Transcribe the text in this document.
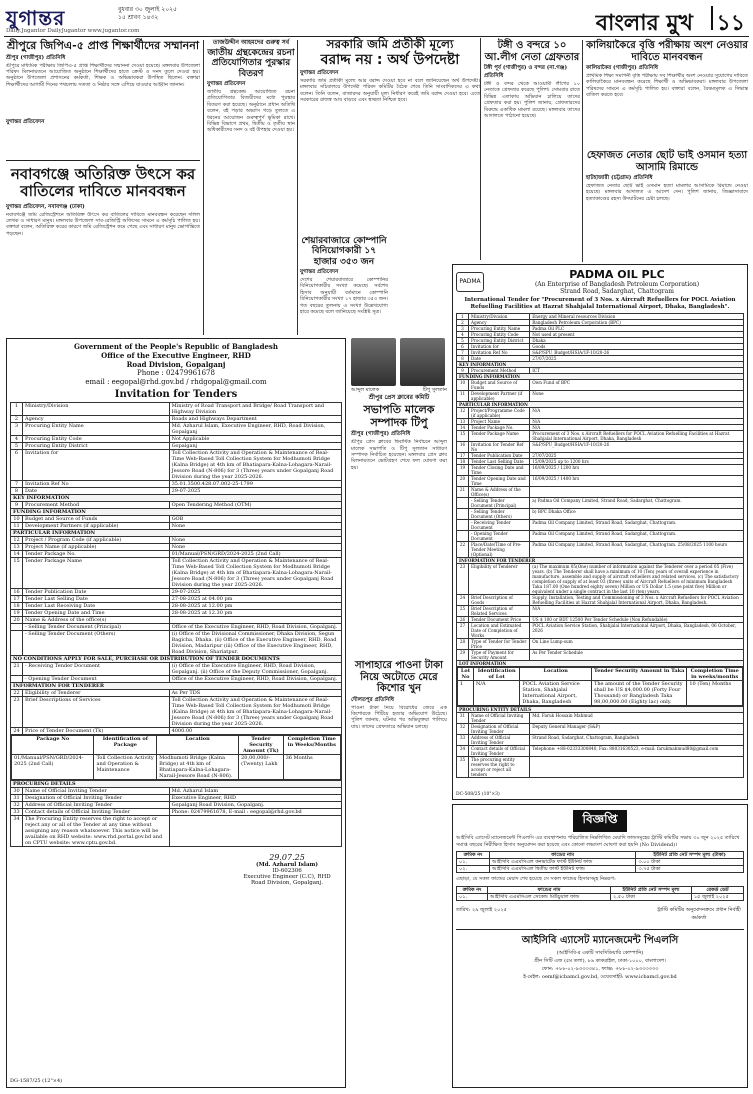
যুগান্তর	বুধবার ৩০ জুলাই ২০২৫
১৫ শ্রাবণ ১৪৩২
Daily.Jugantor DailyJugantor www.jugantor.com	বাংলার মুখ ১১
শ্রীপুরে জিপিএ-৫ প্রাপ্ত শিক্ষার্থীদের সম্মাননা
শ্রীপুর (গাজীপুর) প্রতিনিধি
শ্রীপুরে মাধ্যমিক পরীক্ষায় জিপিএ-৫ প্রাপ্ত শিক্ষার্থীদের সম্মাননা দেওয়া হয়েছে। মঙ্গলবার উপজেলা পরিষদ মিলনায়তনে আয়োজিত অনুষ্ঠানে শিক্ষার্থীদের হাতে ক্রেস্ট ও সনদ তুলে দেওয়া হয়। অনুষ্ঠানে উপজেলা প্রশাসনের কর্মকর্তা, শিক্ষক ও অভিভাবকরা উপস্থিত ছিলেন। বক্তারা শিক্ষার্থীদের আগামী দিনের পথচলায় সততা ও নিষ্ঠার সঙ্গে এগিয়ে যাওয়ার আহ্বান জানান।
যুগান্তর প্রতিবেদন
নবাবগঞ্জে অতিরিক্ত উৎসে কর বাতিলের দাবিতে মানববন্ধন
যুগান্তর প্রতিবেদন, নবাবগঞ্জ (ঢাকা)
নবাবগঞ্জে জমি রেজিস্ট্রেশনে অতিরিক্ত উৎসে কর বাতিলের দাবিতে মানববন্ধন করেছেন দলিল লেখক ও সাধারণ মানুষ। মঙ্গলবার উপজেলা সাব-রেজিস্ট্রি অফিসের সামনে এ কর্মসূচি পালিত হয়। বক্তারা বলেন, অতিরিক্ত করের কারণে জমি রেজিস্ট্রেশন কমে গেছে এবং সাধারণ মানুষ ভোগান্তিতে পড়ছেন।
তাজউদ্দীন আহমদের গুরুত্ব সর্ব
জাতীয় গ্রন্থকেন্দ্রের রচনা প্রতিযোগিতার পুরস্কার বিতরণ
যুগান্তর প্রতিবেদন
জাতীয় গ্রন্থকেন্দ্র আয়োজিত রচনা প্রতিযোগিতার বিজয়ীদের মধ্যে পুরস্কার বিতরণ করা হয়েছে। অনুষ্ঠানে প্রধান অতিথি বলেন, বই পড়ার অভ্যাস গড়ে তুলতে এ ধরনের আয়োজন গুরুত্বপূর্ণ ভূমিকা রাখে। বিভিন্ন বিভাগে প্রথম, দ্বিতীয় ও তৃতীয় স্থান অধিকারীদের সনদ ও বই উপহার দেওয়া হয়।
সরকারি জমি প্রতীকী মূল্যে
বরাদ্দ নয় : অর্থ উপদেষ্টা
যুগান্তর প্রতিবেদন
সরকারি জমি প্রতীকী মূল্যে আর বরাদ্দ দেওয়া হবে না বলে জানিয়েছেন অর্থ উপদেষ্টা। মঙ্গলবার সচিবালয়ে উপদেষ্টা পরিষদ কমিটির বৈঠক শেষে তিনি সাংবাদিকদের এ কথা বলেন। তিনি বলেন, বাজারদর অনুযায়ী মূল্য নির্ধারণ করেই জমি বরাদ্দ দেওয়া হবে। এতে সরকারের রাজস্ব আয় বাড়বে এবং স্বচ্ছতা নিশ্চিত হবে।
শেয়ারবাজারে কোম্পানি বিনিয়োগকারী ১৭ হাজার ৩৫৩ জন
যুগান্তর প্রতিবেদন
দেশের শেয়ারবাজারে কোম্পানির বিনিয়োগকারীর সংখ্যা কমেছে। সর্বশেষ হিসাব অনুযায়ী বর্তমানে কোম্পানি বিনিয়োগকারীর সংখ্যা ১৭ হাজার ৩৫৩ জন। গত বছরের তুলনায় এ সংখ্যা উল্লেখযোগ্য হারে কমেছে বলে জানিয়েছে সংশ্লিষ্ট সূত্র।
টঙ্গী ও বন্দরে ১০ আ.লীগ নেতা গ্রেফতার
টঙ্গী পূর্ব (গাজীপুর) ও বন্দর (না.গঞ্জ) প্রতিনিধি
টঙ্গী ও বন্দর থেকে আওয়ামী লীগের ১০ নেতাকে গ্রেফতার করেছে পুলিশ। সোমবার রাতে বিভিন্ন এলাকায় অভিযান চালিয়ে তাদের গ্রেফতার করা হয়। পুলিশ জানায়, গ্রেফতারদের বিরুদ্ধে একাধিক মামলা রয়েছে। মঙ্গলবার তাদের আদালতে পাঠানো হয়েছে।
কালিয়াকৈরে বৃত্তি পরীক্ষায় অংশ নেওয়ার দাবিতে মানববন্ধন
কালিয়াকৈর (গাজীপুর) প্রতিনিধি
প্রাথমিক শিক্ষা সমাপনী বৃত্তি পরীক্ষায় সব শিক্ষার্থীর অংশ নেওয়ার সুযোগের দাবিতে কালিয়াকৈরে মানববন্ধন করেছে শিক্ষার্থী ও অভিভাবকরা। মঙ্গলবার উপজেলা পরিষদের সামনে এ কর্মসূচি পালিত হয়। বক্তারা বলেন, বৈষম্যমূলক এ সিদ্ধান্ত বাতিল করতে হবে।
হেফাজত নেতার ছোট ভাই ওসমান হত্যা আসামি রিমান্ডে
হাটহাজারী (চট্টগ্রাম) প্রতিনিধি
হেফাজত নেতার ছোট ভাই ওসমান হত্যা মামলার আসামিকে রিমান্ডে নেওয়া হয়েছে। মঙ্গলবার আদালত এ আদেশ দেন। পুলিশ জানায়, জিজ্ঞাসাবাদে হত্যাকাণ্ডের রহস্য উদঘাটনের চেষ্টা চলছে।
Government of the People's Republic of Bangladesh
Office of the Executive Engineer, RHD
Road Division, Gopalganj
Phone : 02479961678
email : eegopal@rhd.gov.bd / rhdgopal@gmail.com
Invitation for Tenders
1	Ministry/Division	Ministry of Road Transport and Bridge/ Road Transport and Highway Division
2	Agency	Roads and Highways Department
3	Procuring Entity Name	Md. Azharul Islam, Executive Engineer, RHD, Road Division, Gopalganj
4	Procuring Entity Code	Not Applicable
5	Procuring Entity District	Gopalganj
6	Invitation for	Toll Collection Activity and Operation & Maintenance of Real-Time Web-Based Toll Collection System for Modhumoti Bridge (Kalna Bridge) at 4th km of Bhatiapara-Kalna-Lohagara-Narail-Jessore Road (N-806) for 3 (Three) years under Gopalganj Road Division during the year 2025-2026.
7	Invitation Ref No	35.01.3500.428.07.002-25-1799
8	Date	29-07-2025
KEY INFORMATION
9	Procurement Method	Open Tendering Method (OTM)
FUNDING INFORMATION
10	Budget and Source of Funds	GOB
11	Development Partners (if applicable)	None
PARTICULAR INFORMATION
12	Project / Program Code (if applicable)	None
13	Project Name (if applicable)	None
14	Tender Package No.	01/Manual/PSN/GRD/2024-2025 (2nd Call)
15	Tender Package Name	Toll Collection Activity and Operation & Maintenance of Real-Time Web-Based Toll Collection System for Modhumoti Bridge (Kalna Bridge) at 4th km of Bhatiapara-Kalna-Lohagara-Narail-Jessore Road (N-806) for 3 (Three) years under Gopalganj Road Division during the year 2025-2026.
16	Tender Publication Date	29-07-2025
17	Tender Last Selling Date	27-08-2025 at 04.00 pm
18	Tender Last Receiving Date	28-08-2025 at 12.00 pm
19	Tender Opening Date and Time	28-08-2025 at 12.30 pm
20	Name & Address of the office(s)	
	- Selling Tender Document (Principal)	Office of the Executive Engineer, RHD, Road Division, Gopalganj.
	- Selling Tender Document (Others)	(i) Office of the Divisional Commissioner, Dhaka Division, Segun Bagicha, Dhaka. (ii) Office of the Executive Engineer, RHD, Road Division, Madaripur (iii) Office of the Executive Engineer, RHD, Road Division, Shariatpur.
NO CONDITIONS APPLY FOR SALE, PURCHASE OR DISTRIBUTION OF TENDER DOCUMENTS
21	- Receiving Tender Document	(i) Office of the Executive Engineer, RHD, Road Division, Gopalganj. (ii) Office of the Deputy Commissioner, Gopalganj.
	- Opening Tender Document	Office of the Executive Engineer, RHD, Road Division, Gopalganj.
INFORMATION FOR TENDERER
22	Eligibility of Tenderer	As Per TDS
23	Brief Descriptions of Services	Toll Collection Activity and Operation & Maintenance of Real-Time Web-Based Toll Collection System for Modhumoti Bridge (Kalna Bridge) at 4th km of Bhatiapara-Kalna-Lohagara-Narail-Jessore Road (N-806) for 3 (Three) years under Gopalganj Road Division during the year 2025-2026.
24	Price of Tender Document (Tk)	4000.00

Package No	Identification of Package	Location	Tender Security Amount (Tk)	Completion Time in Weeks/Months
01/Manual/PSN/GRD/2024-2025 (2nd Call)	Toll Collection Activity and Operation & Maintenance	Modhumoti Bridge (Kalna Bridge) at 4th km of Bhatiapara-Kalna-Lohagara-Narail-Jessore Road (N-806).	20,00,000/- (Twenty) Lakh	36 Months

PROCURING DETAILS
30	Name of Official Inviting Tender	Md. Azharul Islam
31	Designation of Official Inviting Tender	Executive Engineer, RHD
32	Address of Official Inviting Tender	Gopalganj Road Division, Gopalganj.
33	Contact details of Official Inviting Tender	Phone: 02479961678, E-mail : eegopal@rhd.gov.bd
34	The Procuring Entity reserves the right to accept or reject any or all of the Tender at any time without assigning any reason whatsoever. This notice will be available on RHD website: www.rhd.portal.gov.bd and on CPTU website: www.cptu.gov.bd.	
29.07.25
(Md. Azharul Islam)
ID-602306
Executive Engineer (C.C), RHD
Road Division, Gopalganj.
DG-1587/25 (12"×4)
আব্দুল মালেক	টিপু সুলতান
শ্রীপুর প্রেস ক্লাবের কমিটি
সভাপতি মালেক সম্পাদক টিপু
শ্রীপুর (গাজীপুর) প্রতিনিধি
শ্রীপুর প্রেস ক্লাবের দ্বিবার্ষিক নির্বাচনে আব্দুল মালেক সভাপতি ও টিপু সুলতান সাধারণ সম্পাদক নির্বাচিত হয়েছেন। মঙ্গলবার প্রেস ক্লাব মিলনায়তনে ভোটগ্রহণ শেষে ফল ঘোষণা করা হয়।
সাপাহারে পাওনা টাকা নিয়ে অটোতে মেরে কিশোর খুন
দৌলতপুর প্রতিনিধি
পাওনা টাকা নিয়ে বিরোধের জেরে এক কিশোরকে পিটিয়ে হত্যার অভিযোগ উঠেছে। পুলিশ জানায়, ঘটনার পর অভিযুক্তরা পালিয়ে যায়। তাদের গ্রেফতারে অভিযান চলছে।
PADMA	PADMA OIL PLC
(An Enterprise of Bangladesh Petroleum Corporation)
Strand Road, Sadarghat, Chattogram
International Tender for "Procurement of 3 Nos. x Aircraft Refuellers for POCL Aviation Refuelling Facilities at Hazrat Shahjalal International Airport, Dhaka, Bangladesh".
1	Ministry/Division	Energy and Mineral resources Division
2	Agency	Bangladesh Petroleum Corporation (BPC)
3	Procuring Entity Name	Padma Oil PLC
4	Procuring Entity Code	Not used at present
5	Procuring Entity District	Dhaka
6	Invitation for	Goods
7	Invitation Ref No	S&P/SPU_Budget/HSIA/1F-10/20-26
8	Date	27/07/2025
KEY INFORMATION
9	Procurement Method	ICT
FUNDING INFORMATION
10	Budget and Source of Funds	Own Fund of BPC
11	Development Partner (if applicable)	None
PARTICULAR INFORMATION
12	Project/Programme Code (if applicable)	N/A
13	Project Name	N/A
14	Tender Package No.	N/A
15	Tender Package Name	Procurement of 3 Nos. x Aircraft Refuellers for POCL Aviation Refuelling Facilities at Hazrat Shahjalal International Airport, Dhaka, Bangladesh
16	Invitation for Tender Ref No	S&P/SPU_Budget/HSIA/1F-10/20-26
17	Tender Publication Date	27/07/2025
18	Tender Last Selling Date	15/09/2025 up to 1200 hrs
19	Tender Closing Date and Time	16/09/2025 / 1200 hrs
20	Tender Opening Date and Time	16/09/2025 / 1400 hrs
21	Name & Address of the Office(s)	
	- Selling Tender Document (Principal)	a) Padma Oil Company Limited, Strand Road, Sadarghat, Chattogram.
	- Selling Tender Document (Others)	b) BPC Dhaka Office
	- Receiving Tender Document	Padma Oil Company Limited, Strand Road, Sadarghat, Chattogram.
	- Opening Tender Document	Padma Oil Company Limited, Strand Road, Sadarghat, Chattogram.
22	Place/Date/Time of Pre-Tender Meeting (Optional)	Padma Oil Company Limited, Strand Road, Sadarghat, Chattogram. 25/08/2025 1100 hours
INFORMATION FOR TENDERER
23	Eligibility of Tenderer	(a) The maximum 05(One) number of information against the Tenderer over a period 05 (Five) years. (b) The Tenderer shall have a minimum of 10 (Ten) years of overall experience in manufacture, assemble and supply of aircraft refuellers and related services. (c) The satisfactory completion of supply of at least 03 (three) units of Aircraft Refuellers of minimum Bangladesh Taka 187.00 (One hundred eighty seven) Million or US Dollar 1.5 (one point five) Million or equivalent under a single contract in the last 10 (ten) years.
24	Brief Description of Goods	Supply, Installation, Testing and Commissioning of 3 Nos. x Aircraft Refuellers for POCL Aviation Refuelling Facilities at Hazrat Shahjalal International Airport, Dhaka, Bangladesh.
25	Brief Description of Related Services	N/A
26	Tender Document Price	US $ 100 or BDT 12500 Per Tender Schedule (Non Refundable)
27	Location and Estimated Date of Completion of Works	POCL Aviation Service Station, Shahjalal International Airport, Dhaka, Bangladesh, 06 October, 2026
28	Type of Tender for Tender Price	On Line Lump-sum
29	Type of Payment for Security Amount	As Per Tender Schedule
LOT INFORMATION

Lot No	Identification of Lot	Location	Tender Security Amount in Taka	Completion Time in weeks/months
1	N/A	POCL Aviation Service Station, Shahjalal International Airport, Dhaka, Bangladesh	The amount of the Tender Security shall be US $4,000.00 (Forty Four Thousand) or Bangladesh Taka 98,00,000.00 (Eighty lac) only.	10 (Ten) Months

PROCURING ENTITY DETAILS
31	Name of Official Inviting Tender	Md. Faruk Hossain Mahmud
32	Designation of Official Inviting Tender	Deputy General Manager (S&P)
33	Address of Official Inviting Tender	Strand Road, Sadarghat, Chattogram, Bangladesh
34	Contact details of Official Inviting Tender	Telephone: +88-02333300840, Fax: 88031630523, e-mail: farukmahmud80@gmail.com
35	The procuring entity reserves the right to accept or reject all tenders	
DC-508/25 (10"×3)
বিজ্ঞপ্তি
আইসিবি এ্যাসেট ম্যানেজমেন্ট পিএলসি এর ব্যবস্থাপনায় পরিচালিত নিম্নলিখিত মেয়াদি ফান্ডসমূহের ট্রাস্টি কমিটির সভায় ৩০ জুন ২০২৫ তারিখে সমাপ্ত বছরের নিরীক্ষিত হিসাব অনুমোদন করা হয়েছে এবং কোনো লভ্যাংশ ঘোষণা করা হয়নি (No Dividend)।
ক্রমিক নং	ফান্ডের নাম	ইউনিট প্রতি নেট সম্পদ মূল্য (টাকা)
০১.	আইসিবি এএমসিএল কনভার্টেড ফার্স্ট ইউনিট ফান্ড	৩.০০ টাকা
০২.	আইসিবি এএমসিএল দ্বিতীয় ফার্স্ট ইউনিট ফান্ড	৩.৭৫ টাকা
এছাড়া, যে সকল ফান্ডের মেয়াদ শেষ হয়েছে সে সকল ফান্ডের হিসাবসমূহ নিম্নরূপ:
ক্রমিক নং	ফান্ডের নাম	ইউনিট প্রতি নেট সম্পদ মূল্য	রেকর্ড ডেট
০১.	আইসিবি এএমসিএল সেকেন্ড মিউচুয়াল ফান্ড	২.৫০ টাকা	১৫ জুলাই ২০২৫
তারিখ: ২৯ জুলাই ২০২৫	ট্রাস্টি কমিটির অনুমোদনক্রমে প্রধান নির্বাহী কর্মকর্তা
আইসিবি এ্যাসেট ম্যানেজমেন্ট পিএলসি
(আইসিবি-র একটি সাবসিডিয়ারি কোম্পানি)
গ্রীন সিটি এজ (৫ম তলা), ৮৯ কাকরাইল, ঢাকা-১০০০, বাংলাদেশ।
ফোন: +৮৮-০২-৯৩৩৩৩৪১, ফ্যাক্স: +৮৮-০২-৯৩৩৩৩৩৩
ই-মেইল: oemf@icbamcl.gov.bd, ওয়েবসাইট: www.icbamcl.gov.bd
